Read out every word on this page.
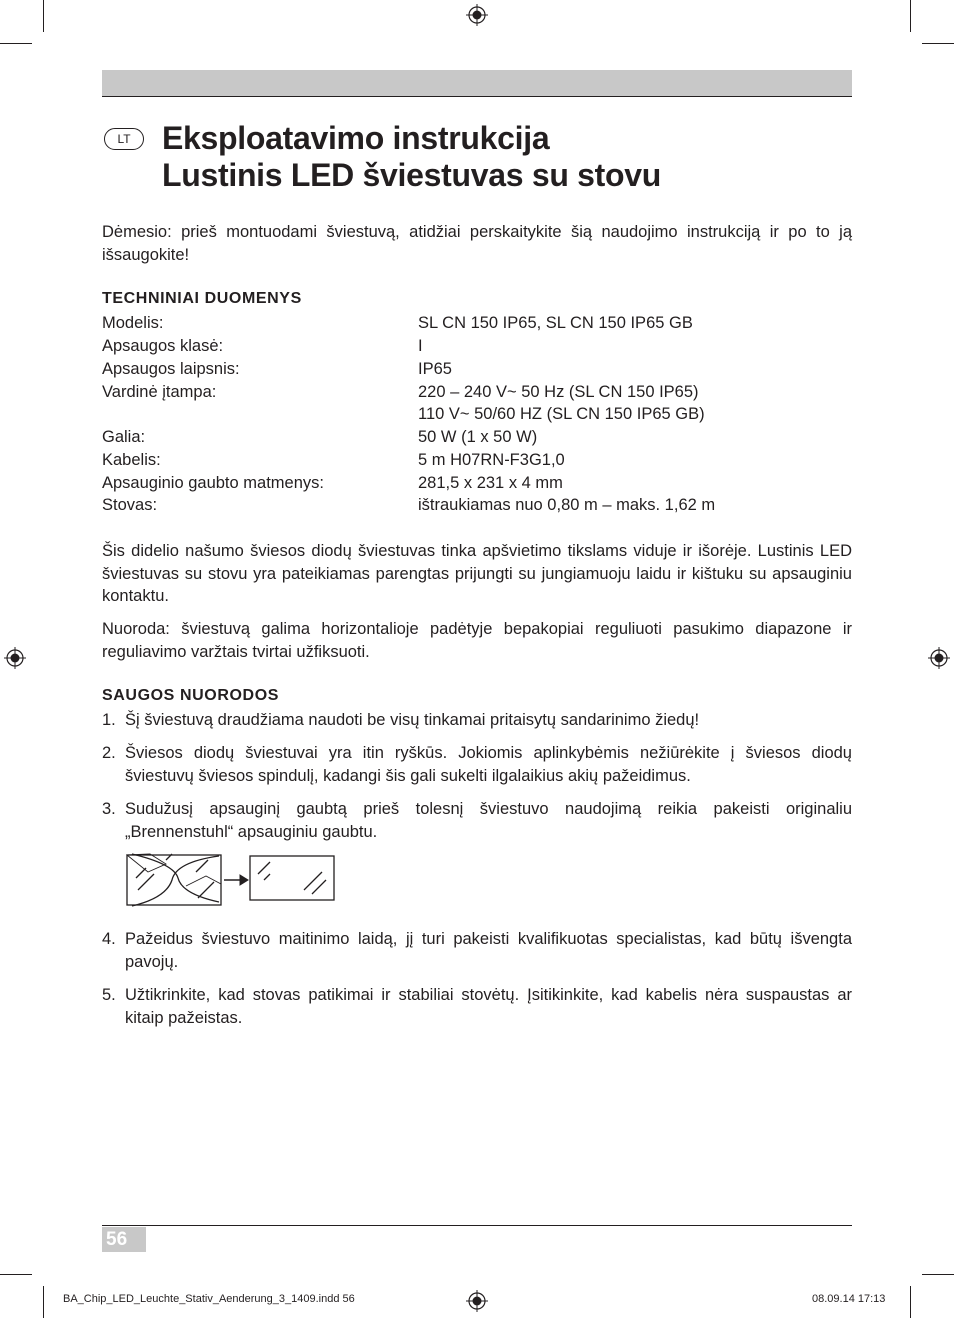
LT Eksploatavimo instrukcija
Lustinis LED šviestuvas su stovu
Dėmesio: prieš montuodami šviestuvą, atidžiai perskaitykite šią naudojimo instrukciją ir po to ją išsaugokite!
TECHNINIAI DUOMENYS
Modelis:	SL CN 150 IP65, SL CN 150 IP65 GB
Apsaugos klasė:	I
Apsaugos laipsnis:	IP65
Vardinė įtampa:	220 – 240 V~ 50 Hz (SL CN 150 IP65)
110 V~ 50/60 HZ (SL CN 150 IP65 GB)
Galia:	50 W (1 x 50 W)
Kabelis:	5 m H07RN-F3G1,0
Apsauginio gaubto matmenys:	281,5 x 231 x 4 mm
Stovas:	ištraukiamas nuo 0,80 m – maks. 1,62 m
Šis didelio našumo šviesos diodų šviestuvas tinka apšvietimo tikslams viduje ir išorėje. Lustinis LED šviestuvas su stovu yra pateikiamas parengtas prijungti su jungiamuoju laidu ir kištuku su apsauginiu kontaktu.
Nuoroda: šviestuvą galima horizontalioje padėtyje bepakopiai reguliuoti pasukimo diapazone ir reguliavimo varžtais tvirtai užfiksuoti.
SAUGOS NUORODOS
1. Šį šviestuvą draudžiama naudoti be visų tinkamai pritaisytų sandarinimo žiedų!
2. Šviesos diodų šviestuvai yra itin ryškūs. Jokiomis aplinkybėmis nežiūrėkite į šviesos diodų šviestuvų šviesos spindulį, kadangi šis gali sukelti ilgalaikius akių pažeidimus.
3. Sudužusį apsauginį gaubtą prieš tolesnį šviestuvo naudojimą reikia pakeisti originaliu „Brennenstuhl“ apsauginiu gaubtu.
4. Pažeidus šviestuvo maitinimo laidą, jį turi pakeisti kvalifikuotas specialistas, kad būtų išvengta pavojų.
5. Užtikrinkite, kad stovas patikimai ir stabiliai stovėtų. Įsitikinkite, kad kabelis nėra suspaustas ar kitaip pažeistas.
56
BA_Chip_LED_Leuchte_Stativ_Aenderung_3_1409.indd 56	08.09.14 17:13
